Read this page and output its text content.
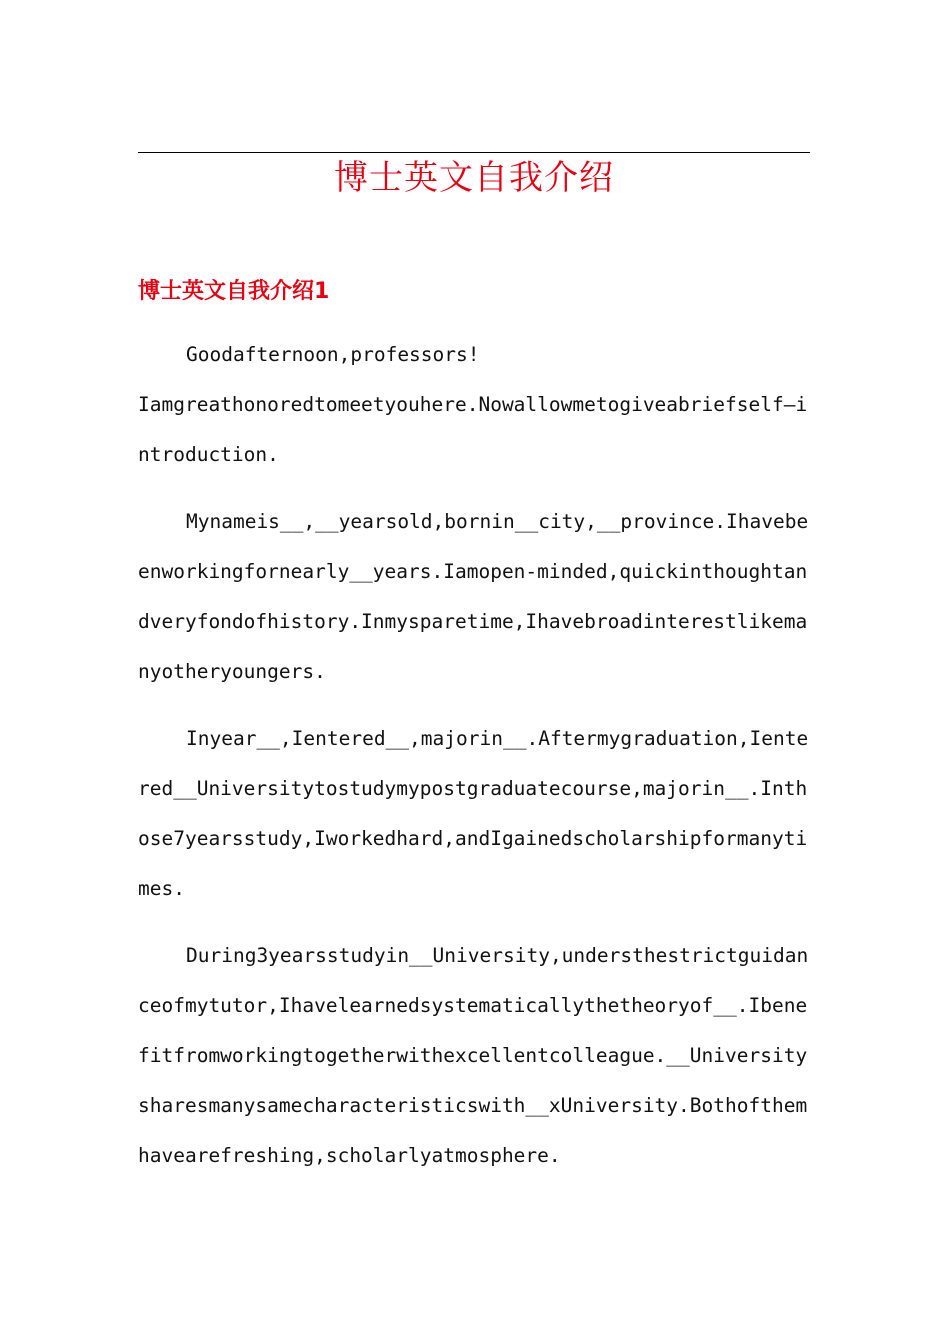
博士英文自我介绍
博士英文自我介绍1

Goodafternoon,professors!

Iamgreathonoredtomeetyouhere.Nowallowmetogiveabriefself—introduction.

Mynameis__,__yearsold,bornin__city,__province.Ihavebeenworkingfornearly__years.Iamopen-minded,quickinthoughtandveryfondofhistory.Inmysparetime,Ihavebroadinterestlikemanyotheryoungers.

Inyear__,Ientered__,majorin__.Aftermygraduation,Ientered__Universitytostudymypostgraduatecourse,majorin__.Inthose7yearsstudy,Iworkedhard,andIgainedscholarshipformanytimes.

During3yearsstudyin__University,understhestrictguidanceofmytutor,Ihavelearnedsystematicallythetheoryof__.Ibenefitfromworkingtogetherwithexcellentcolleague.__Universitysharesmanysamecharacteristicswith__xUniversity.Bothofthemhavearefreshing,scholarlyatmosphere.
